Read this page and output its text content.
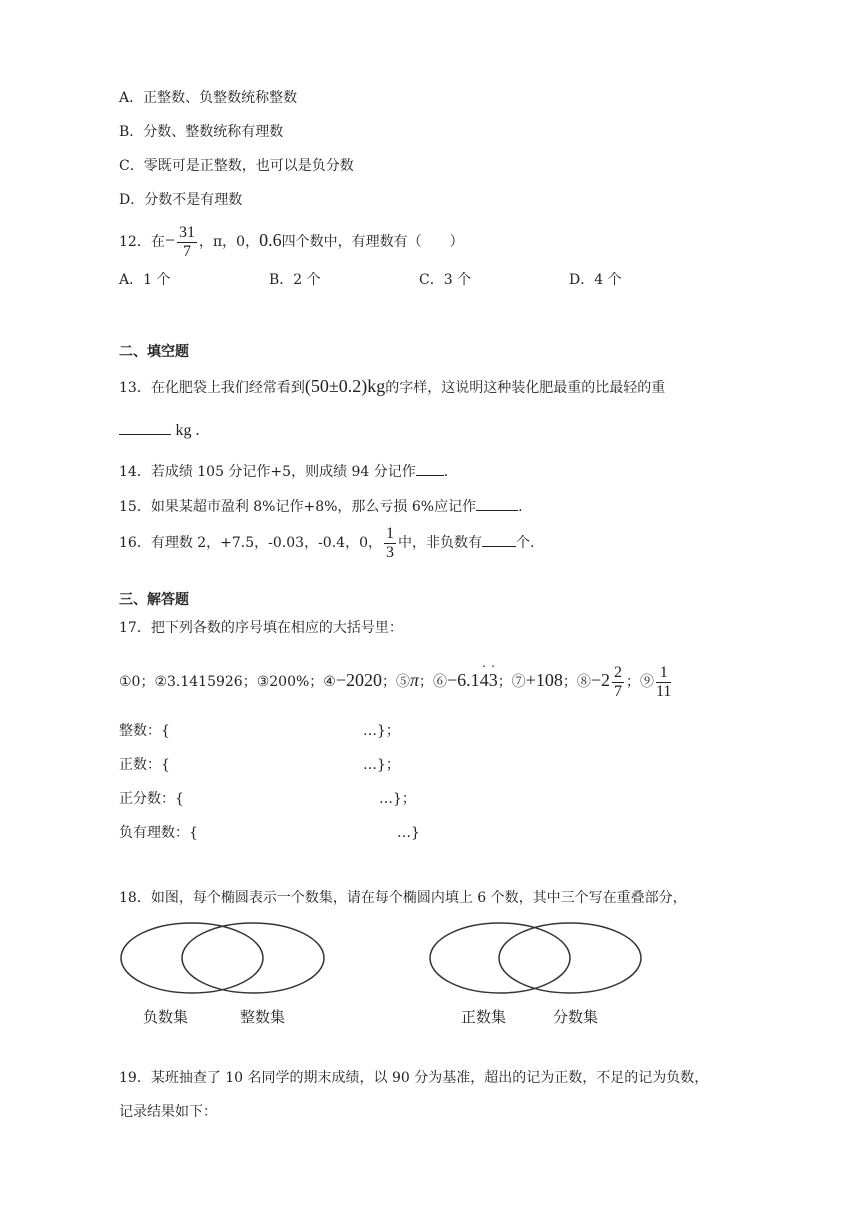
A．正整数、负整数统称整数
B．分数、整数统称有理数
C．零既可是正整数，也可以是负分数
D．分数不是有理数
12．在− $\frac{31}{7}$ ，π，0，0.6四个数中，有理数有（　　）
A．1 个	B．2 个	C．3 个	D．4 个
二、填空题
13．在化肥袋上我们经常看到(50±0.2)kg的字样，这说明这种装化肥最重的比最轻的重
kg .
14．若成绩 105 分记作+5，则成绩 94 分记作 .
15．如果某超市盈利 8%记作+8%，那么亏损 6%应记作	.
16．有理数 2，+7.5，-0.03，-0.4，0， $\frac{1}{3}$ 中，非负数有 个.
三、解答题
17．把下列各数的序号填在相应的大括号里：
①0；②3.1415926；③200%；④−2020；⑤π；⑥−6.14 ·3 ·；⑦+108；⑧−2 $\frac{2}{7}$ ；⑨ $\frac{1}{11}$
整数：{	…}；
正数：{	…}；
正分数：{	…}；
负有理数：{	…}
18．如图，每个椭圆表示一个数集，请在每个椭圆内填上 6 个数，其中三个写在重叠部分，
负数集	整数集	正数集	分数集
19．某班抽查了 10 名同学的期末成绩，以 90 分为基准，超出的记为正数，不足的记为负数，
记录结果如下：
